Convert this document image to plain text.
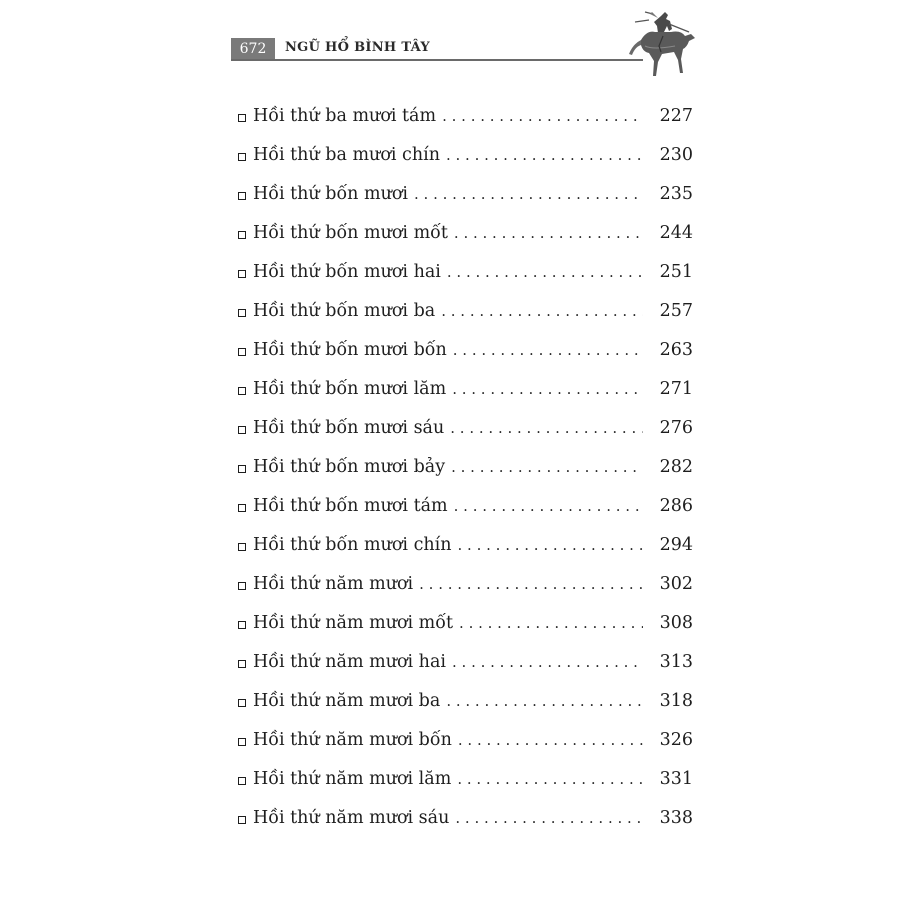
672	NGŨ HỔ BÌNH TÂY
Hồi thứ ba mươi tám . . .	227
Hồi thứ ba mươi chín . . .	230
Hồi thứ bốn mươi . . .	235
Hồi thứ bốn mươi mốt . . .	244
Hồi thứ bốn mươi hai . . .	251
Hồi thứ bốn mươi ba . . .	257
Hồi thứ bốn mươi bốn . . .	263
Hồi thứ bốn mươi lăm . . .	271
Hồi thứ bốn mươi sáu . . .	276
Hồi thứ bốn mươi bảy . . .	282
Hồi thứ bốn mươi tám . . .	286
Hồi thứ bốn mươi chín . . .	294
Hồi thứ năm mươi . . .	302
Hồi thứ năm mươi mốt . . .	308
Hồi thứ năm mươi hai . . .	313
Hồi thứ năm mươi ba . . .	318
Hồi thứ năm mươi bốn . . .	326
Hồi thứ năm mươi lăm . . .	331
Hồi thứ năm mươi sáu . . .	338
